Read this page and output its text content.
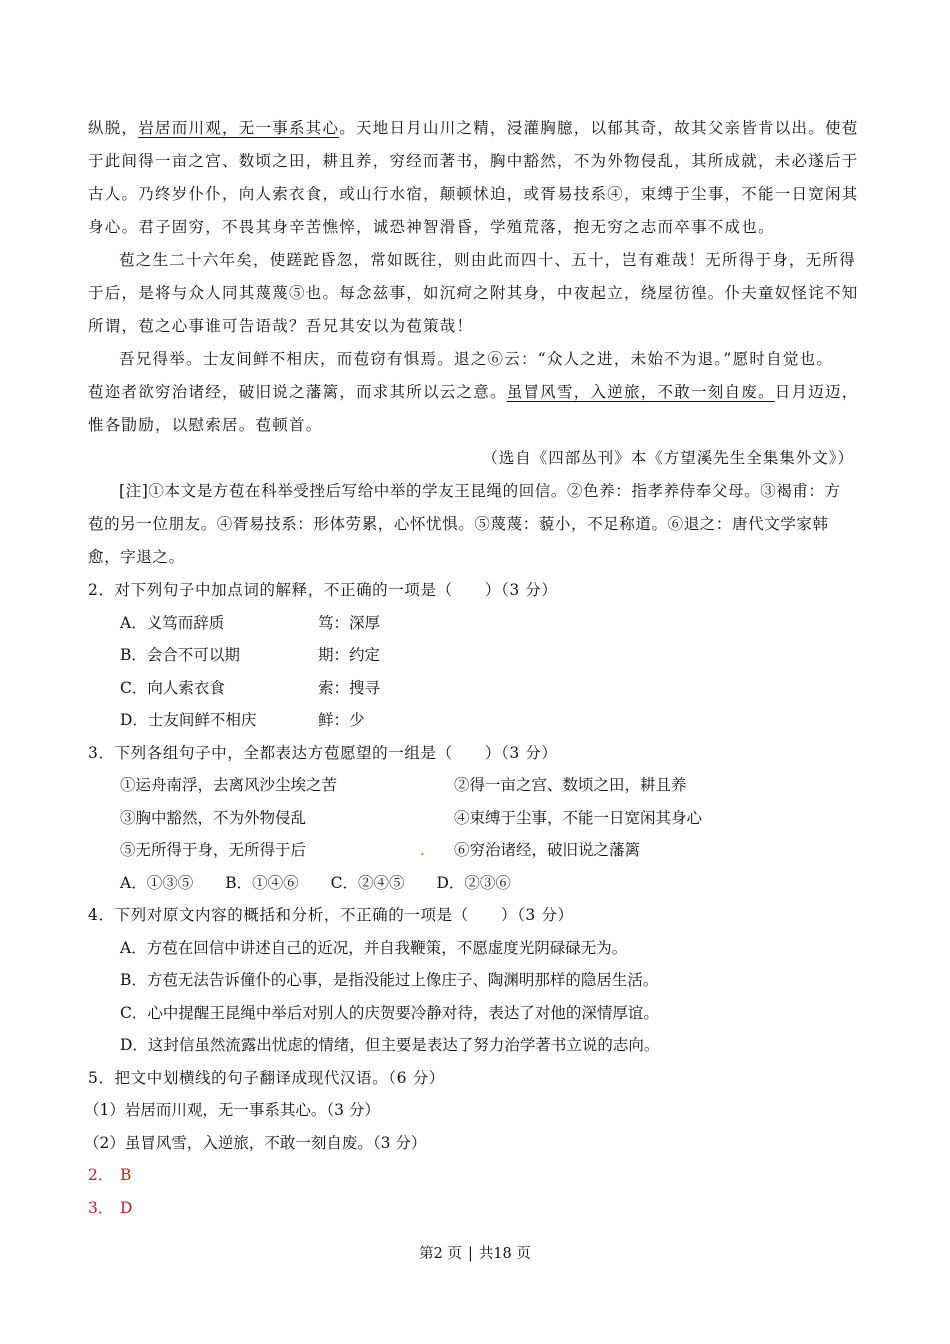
纵脱，岩居而川观，无一事系其心。天地日月山川之精，浸灌胸臆，以郁其奇，故其父亲皆肯以出。使苞
于此间得一亩之宫、数顷之田，耕且养，穷经而著书，胸中豁然，不为外物侵乱，其所成就，未必遂后于
古人。乃终岁仆仆，向人索衣食，或山行水宿，颠顿怵迫，或胥易技系④，束缚于尘事，不能一日宽闲其
身心。君子固穷，不畏其身辛苦憔悴，诚恐神智滑昏，学殖荒落，抱无穷之志而卒事不成也。
苞之生二十六年矣，使蹉跎昏忽，常如既往，则由此而四十、五十，岂有难哉！无所得于身，无所得
于后，是将与众人同其蔑蔑⑤也。每念兹事，如沉疴之附其身，中夜起立，绕屋彷徨。仆夫童奴怪诧不知
所谓，苞之心事谁可告语哉？吾兄其安以为苞策哉！
吾兄得举。士友间鲜不相庆，而苞窃有惧焉。退之⑥云：“众人之进，未始不为退。”愿时自觉也。
苞迩者欲穷治诸经，破旧说之藩篱，而求其所以云之意。虽冒风雪，入逆旅，不敢一刻自废。日月迈迈，
惟各勖励，以慰索居。苞顿首。
（选自《四部丛刊》本《方望溪先生全集集外文》）
[注]①本文是方苞在科举受挫后写给中举的学友王昆绳的回信。②色养：指孝养侍奉父母。③褐甫：方
苞的另一位朋友。④胥易技系：形体劳累，心怀忧惧。⑤蔑蔑：藐小，不足称道。⑥退之：唐代文学家韩
愈，字退之。
2．对下列句子中加点词的解释，不正确的一项是（　　）（3 分）
A．义笃而辞质	笃：深厚
B．会合不可以期	期：约定
C．向人索衣食	索：搜寻
D．士友间鲜不相庆	鲜：少
3．下列各组句子中，全都表达方苞愿望的一组是（　　）（3 分）
①运舟南浮，去离风沙尘埃之苦	②得一亩之宫、数顷之田，耕且养
③胸中豁然，不为外物侵乱	④束缚于尘事，不能一日宽闲其身心
⑤无所得于身，无所得于后	. ⑥穷治诸经，破旧说之藩篱
A．①③⑤ B．①④⑥ C．②④⑤ D．②③⑥
4．下列对原文内容的概括和分析，不正确的一项是（　　）（3 分）
A．方苞在回信中讲述自己的近况，并自我鞭策，不愿虚度光阴碌碌无为。
B．方苞无法告诉僮仆的心事，是指没能过上像庄子、陶渊明那样的隐居生活。
C．心中提醒王昆绳中举后对别人的庆贺要冷静对待，表达了对他的深情厚谊。
D．这封信虽然流露出忧虑的情绪，但主要是表达了努力治学著书立说的志向。
5．把文中划横线的句子翻译成现代汉语。（6 分）
（1）岩居而川观，无一事系其心。（3 分）
（2）虽冒风雪，入逆旅，不敢一刻自废。（3 分）
2． B
3． D
第2 页 | 共18 页
